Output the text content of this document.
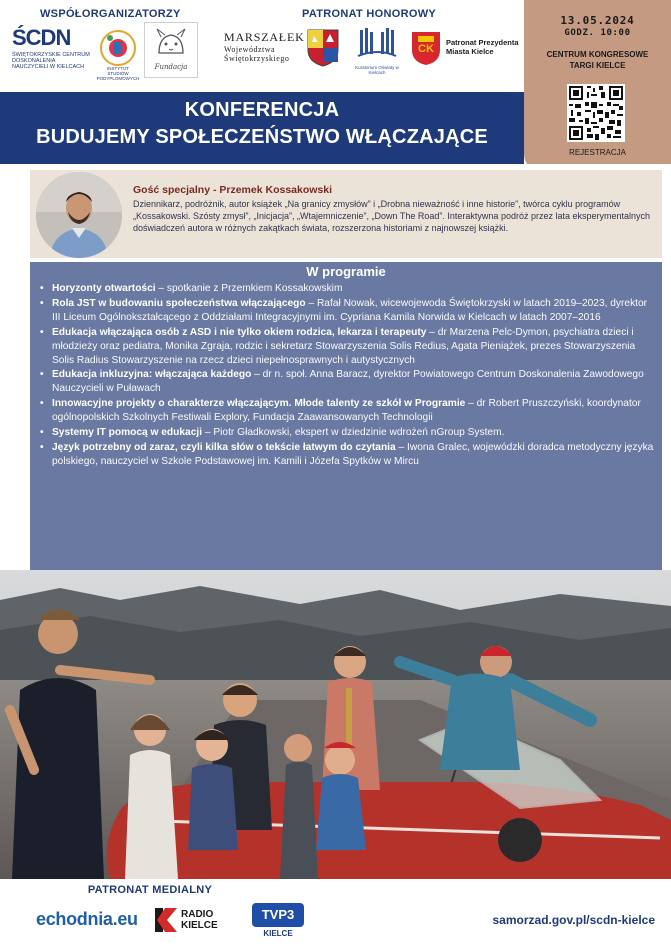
WSPÓŁORGANIZATORZY	PATRONAT HONOROWY
ŚCDN
ŚWIĘTOKRZYSKIE CENTRUM DOSKONALENIA NAUCZYCIELI W KIELCACH	INSTYTUT STUDIÓW PODYPLOMOWYCH
Fundacja
MARSZAŁEK
Województwa
Świętokrzyskiego
Kuratorium Oświaty w Kielcach
CK
Patronat Prezydenta
Miasta Kielce
13.05.2024
GODZ. 10:00
CENTRUM KONGRESOWE
TARGI KIELCE
REJESTRACJA
KONFERENCJA
BUDUJEMY SPOŁECZEŃSTWO WŁĄCZAJĄCE
Gość specjalny - Przemek Kossakowski
Dziennikarz, podróżnik, autor książek „Na granicy zmysłów” i „Drobna nieważność i inne historie”, twórca cyklu programów „Kossakowski. Szósty zmysł”, „Inicjacja”, „Wtajemniczenie”, „Down The Road”. Interaktywna podróż przez lata eksperymentalnych doświadczeń autora w różnych zakątkach świata, rozszerzona historiami z najnowszej książki.
W programie
• Horyzonty otwartości – spotkanie z Przemkiem Kossakowskim
• Rola JST w budowaniu społeczeństwa włączającego – Rafał Nowak, wicewojewoda Świętokrzyski w latach 2019–2023, dyrektor III Liceum Ogólnokształcącego z Oddziałami Integracyjnymi im. Cypriana Kamila Norwida w Kielcach w latach 2007–2016
• Edukacja włączająca osób z ASD i nie tylko okiem rodzica, lekarza i terapeuty – dr Marzena Pelc-Dymon, psychiatra dzieci i młodzieży oraz pediatra, Monika Zgraja, rodzic i sekretarz Stowarzyszenia Solis Redius, Agata Pieniążek, prezes Stowarzyszenia Solis Radius Stowarzyszenie na rzecz dzieci niepełnosprawnych i autystycznych
• Edukacja inkluzyjna: włączająca każdego – dr n. społ. Anna Baracz, dyrektor Powiatowego Centrum Doskonalenia Zawodowego Nauczycieli w Puławach
• Innowacyjne projekty o charakterze włączającym. Młode talenty ze szkół w Programie – dr Robert Pruszczyński, koordynator ogólnopolskich Szkolnych Festiwali Explory, Fundacja Zaawansowanych Technologii
• Systemy IT pomocą w edukacji – Piotr Gładkowski, ekspert w dziedzinie wdrożeń nGroup System.
• Język potrzebny od zaraz, czyli kilka słów o tekście łatwym do czytania – Iwona Gralec, wojewódzki doradca metodyczny języka polskiego, nauczyciel w Szkole Podstawowej im. Kamili i Józefa Spytków w Mircu
PATRONAT MEDIALNY
echodnia.eu	RADIO
KIELCE
TVP3
KIELCE
samorzad.gov.pl/scdn-kielce
